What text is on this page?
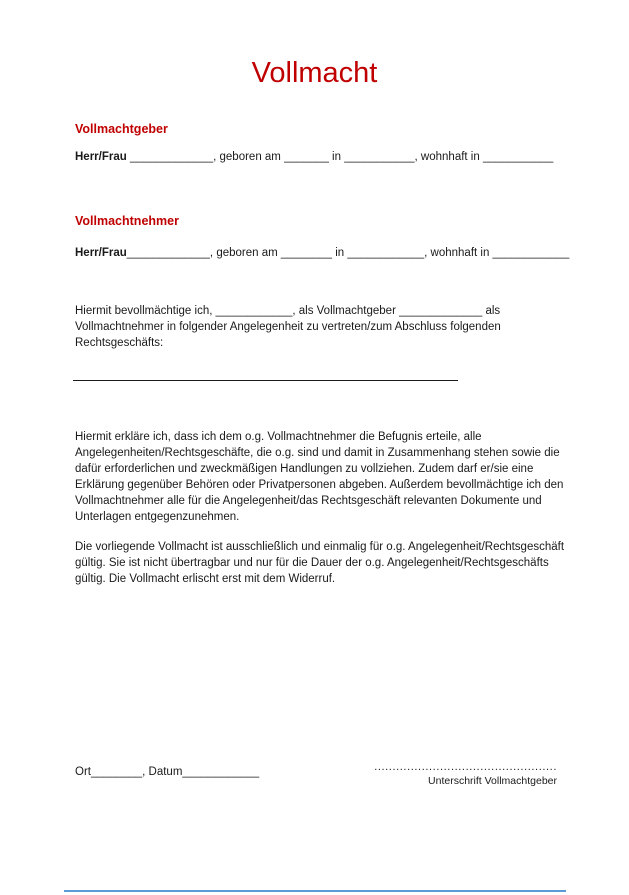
Vollmacht
Vollmachtgeber
Herr/Frau _____________, geboren am _______ in ___________, wohnhaft in ___________
Vollmachtnehmer
Herr/Frau_____________, geboren am ________ in ____________, wohnhaft in ____________
Hiermit bevollmächtige ich, ____________, als Vollmachtgeber _____________ als Vollmachtnehmer in folgender Angelegenheit zu vertreten/zum Abschluss folgenden Rechtsgeschäfts:
Hiermit erkläre ich, dass ich dem o.g. Vollmachtnehmer die Befugnis erteile, alle Angelegenheiten/Rechtsgeschäfte, die o.g. sind und damit in Zusammenhang stehen sowie die dafür erforderlichen und zweckmäßigen Handlungen zu vollziehen. Zudem darf er/sie eine Erklärung gegenüber Behören oder Privatpersonen abgeben. Außerdem bevollmächtige ich den Vollmachtnehmer alle für die Angelegenheit/das Rechtsgeschäft relevanten Dokumente und Unterlagen entgegenzunehmen.
Die vorliegende Vollmacht ist ausschließlich und einmalig für o.g. Angelegenheit/Rechtsgeschäft gültig. Sie ist nicht übertragbar und nur für die Dauer der o.g. Angelegenheit/Rechtsgeschäfts gültig. Die Vollmacht erlischt erst mit dem Widerruf.
Ort________, Datum____________	..................................................
Unterschrift Vollmachtgeber
